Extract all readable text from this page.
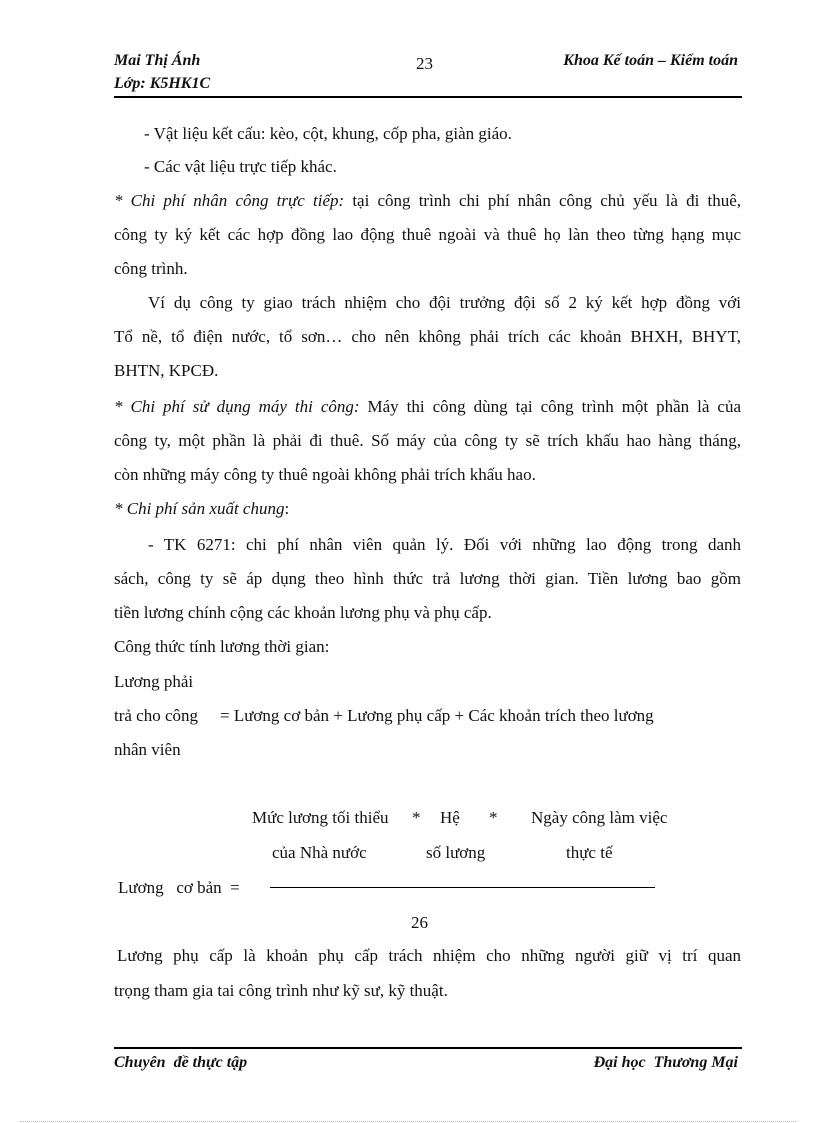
Mai Thị Ánh
Lớp: K5HK1C
23	Khoa Kế toán – Kiểm toán
- Vật liệu kết cấu: kèo, cột, khung, cốp pha, giàn giáo.
- Các vật liệu trực tiếp khác.
* Chi phí nhân công trực tiếp: tại công trình chi phí nhân công chủ yếu là đi thuê,
công ty ký kết các hợp đồng lao động thuê ngoài và thuê họ làn theo từng hạng mục
công trình.
Ví dụ công ty giao trách nhiệm cho đội trưởng đội số 2 ký kết hợp đồng với
Tổ nề, tổ điện nước, tổ sơn… cho nên không phải trích các khoản BHXH, BHYT,
BHTN, KPCĐ.
* Chi phí sử dụng máy thi công: Máy thi công dùng tại công trình một phần là của
công ty, một phần là phải đi thuê. Số máy của công ty sẽ trích khấu hao hàng tháng,
còn những máy công ty thuê ngoài không phải trích khấu hao.
* Chi phí sản xuất chung:
- TK 6271: chi phí nhân viên quản lý. Đối với những lao động trong danh
sách, công ty sẽ áp dụng theo hình thức trả lương thời gian. Tiền lương bao gồm
tiền lương chính cộng các khoản lương phụ và phụ cấp.
Công thức tính lương thời gian:
Lương phải
trả cho công = Lương cơ bản + Lương phụ cấp + Các khoản trích theo lương
nhân viên
Mức lương tối thiểu * Hệ * Ngày công làm việc
của Nhà nước	số lương	thực tế
Lương   cơ bản  =
26
Lương phụ cấp là khoản phụ cấp trách nhiệm cho những người giữ vị trí quan
trọng tham gia tai công trình như kỹ sư, kỹ thuật.
Chuyên  đề thực tập	Đại học  Thương Mại
